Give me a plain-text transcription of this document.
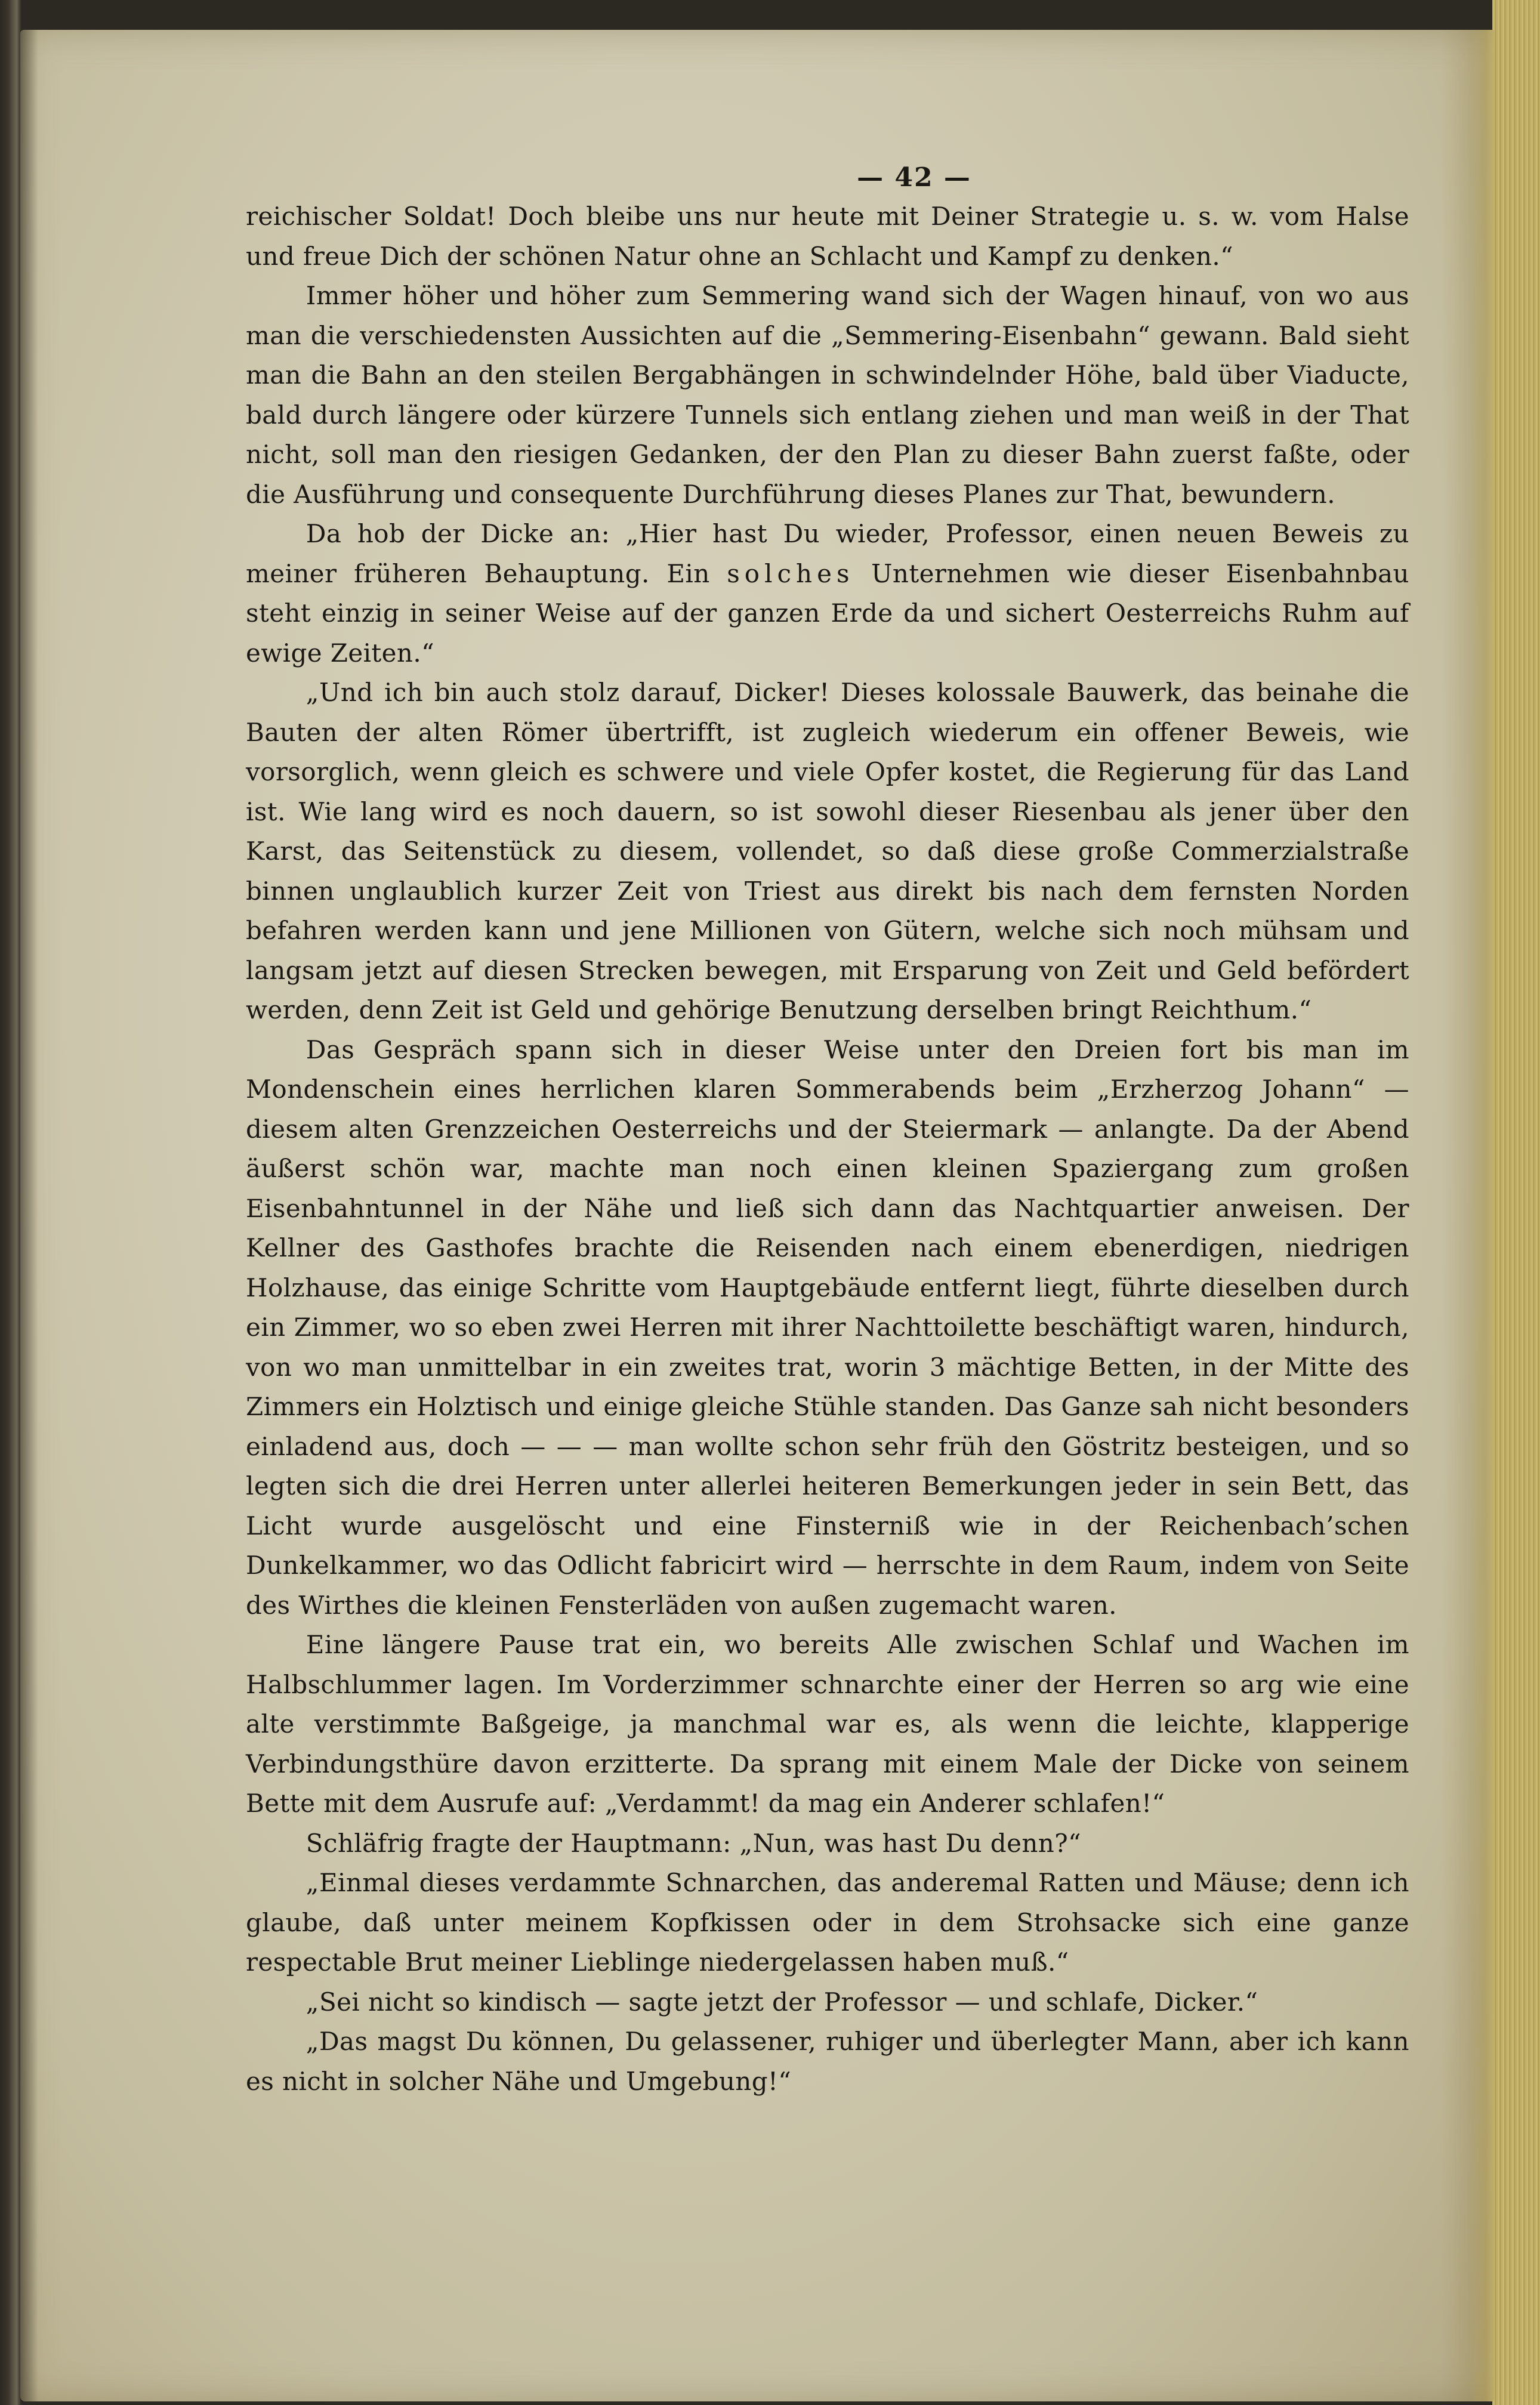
— 42 —

reichischer Soldat! Doch bleibe uns nur heute mit Deiner Strategie u. s. w. vom Halse und freue Dich der schönen Natur ohne an Schlacht und Kampf zu denken.“

Immer höher und höher zum Semmering wand sich der Wagen hinauf, von wo aus man die verschiedensten Aussichten auf die „Semmering-Eisenbahn“ gewann. Bald sieht man die Bahn an den steilen Bergabhängen in schwindelnder Höhe, bald über Viaducte, bald durch längere oder kürzere Tunnels sich entlang ziehen und man weiß in der That nicht, soll man den riesigen Gedanken, der den Plan zu dieser Bahn zuerst faßte, oder die Ausführung und consequente Durchführung dieses Planes zur That, bewundern.

Da hob der Dicke an: „Hier hast Du wieder, Professor, einen neuen Beweis zu meiner früheren Behauptung. Ein solches Unternehmen wie dieser Eisenbahnbau steht einzig in seiner Weise auf der ganzen Erde da und sichert Oesterreichs Ruhm auf ewige Zeiten.“

„Und ich bin auch stolz darauf, Dicker! Dieses kolossale Bauwerk, das beinahe die Bauten der alten Römer übertrifft, ist zugleich wiederum ein offener Beweis, wie vorsorglich, wenn gleich es schwere und viele Opfer kostet, die Regierung für das Land ist. Wie lang wird es noch dauern, so ist sowohl dieser Riesenbau als jener über den Karst, das Seitenstück zu diesem, vollendet, so daß diese große Commerzialstraße binnen unglaublich kurzer Zeit von Triest aus direkt bis nach dem fernsten Norden befahren werden kann und jene Millionen von Gütern, welche sich noch mühsam und langsam jetzt auf diesen Strecken bewegen, mit Ersparung von Zeit und Geld befördert werden, denn Zeit ist Geld und gehörige Benutzung derselben bringt Reichthum.“

Das Gespräch spann sich in dieser Weise unter den Dreien fort bis man im Mondenschein eines herrlichen klaren Sommerabends beim „Erzherzog Johann“ — diesem alten Grenzzeichen Oesterreichs und der Steiermark — anlangte. Da der Abend äußerst schön war, machte man noch einen kleinen Spaziergang zum großen Eisenbahntunnel in der Nähe und ließ sich dann das Nachtquartier anweisen. Der Kellner des Gasthofes brachte die Reisenden nach einem ebenerdigen, niedrigen Holzhause, das einige Schritte vom Hauptgebäude entfernt liegt, führte dieselben durch ein Zimmer, wo so eben zwei Herren mit ihrer Nachttoilette beschäftigt waren, hindurch, von wo man unmittelbar in ein zweites trat, worin 3 mächtige Betten, in der Mitte des Zimmers ein Holztisch und einige gleiche Stühle standen. Das Ganze sah nicht besonders einladend aus, doch — — — man wollte schon sehr früh den Göstritz besteigen, und so legten sich die drei Herren unter allerlei heiteren Bemerkungen jeder in sein Bett, das Licht wurde ausgelöscht und eine Finsterniß wie in der Reichenbach’schen Dunkelkammer, wo das Odlicht fabricirt wird — herrschte in dem Raum, indem von Seite des Wirthes die kleinen Fensterläden von außen zugemacht waren.

Eine längere Pause trat ein, wo bereits Alle zwischen Schlaf und Wachen im Halbschlummer lagen. Im Vorderzimmer schnarchte einer der Herren so arg wie eine alte verstimmte Baßgeige, ja manchmal war es, als wenn die leichte, klapperige Verbindungsthüre davon erzitterte. Da sprang mit einem Male der Dicke von seinem Bette mit dem Ausrufe auf: „Verdammt! da mag ein Anderer schlafen!“

Schläfrig fragte der Hauptmann: „Nun, was hast Du denn?“

„Einmal dieses verdammte Schnarchen, das anderemal Ratten und Mäuse; denn ich glaube, daß unter meinem Kopfkissen oder in dem Strohsacke sich eine ganze respectable Brut meiner Lieblinge niedergelassen haben muß.“

„Sei nicht so kindisch — sagte jetzt der Professor — und schlafe, Dicker.“

„Das magst Du können, Du gelassener, ruhiger und überlegter Mann, aber ich kann es nicht in solcher Nähe und Umgebung!“
